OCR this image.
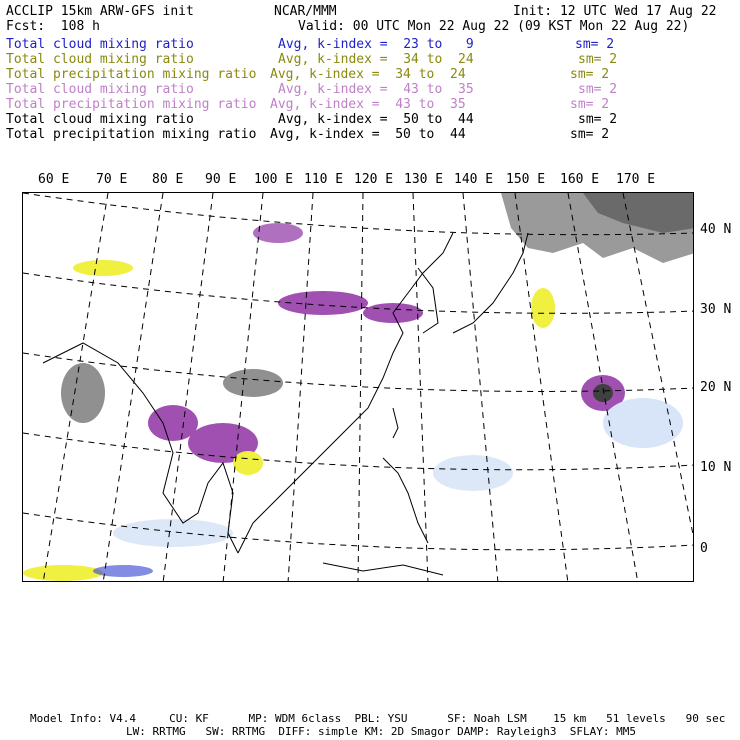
ACCLIP 15km ARW-GFS init	NCAR/MMM	Init: 12 UTC Wed 17 Aug 22
Fcst:  108 h	Valid: 00 UTC Mon 22 Aug 22 (09 KST Mon 22 Aug 22)
Total cloud mixing ratio	Avg, k-index =  23 to   9	sm= 2
Total cloud mixing ratio	Avg, k-index =  34 to  24	sm= 2
Total precipitation mixing ratio Avg, k-index =  34 to  24	sm= 2
Total cloud mixing ratio	Avg, k-index =  43 to  35	sm= 2
Total precipitation mixing ratio Avg, k-index =  43 to  35	sm= 2
Total cloud mixing ratio	Avg, k-index =  50 to  44	sm= 2
Total precipitation mixing ratio Avg, k-index =  50 to  44	sm= 2
60 E 70 E 80 E 90 E 100 E 110 E 120 E 130 E 140 E 150 E 160 E 170 E
40 N
30 N
20 N
10 N
0
Model Info: V4.4     CU: KF      MP: WDM 6class  PBL: YSU      SF: Noah LSM    15 km   51 levels   90 sec
LW: RRTMG   SW: RRTMG  DIFF: simple KM: 2D Smagor DAMP: Rayleigh3  SFLAY: MM5
